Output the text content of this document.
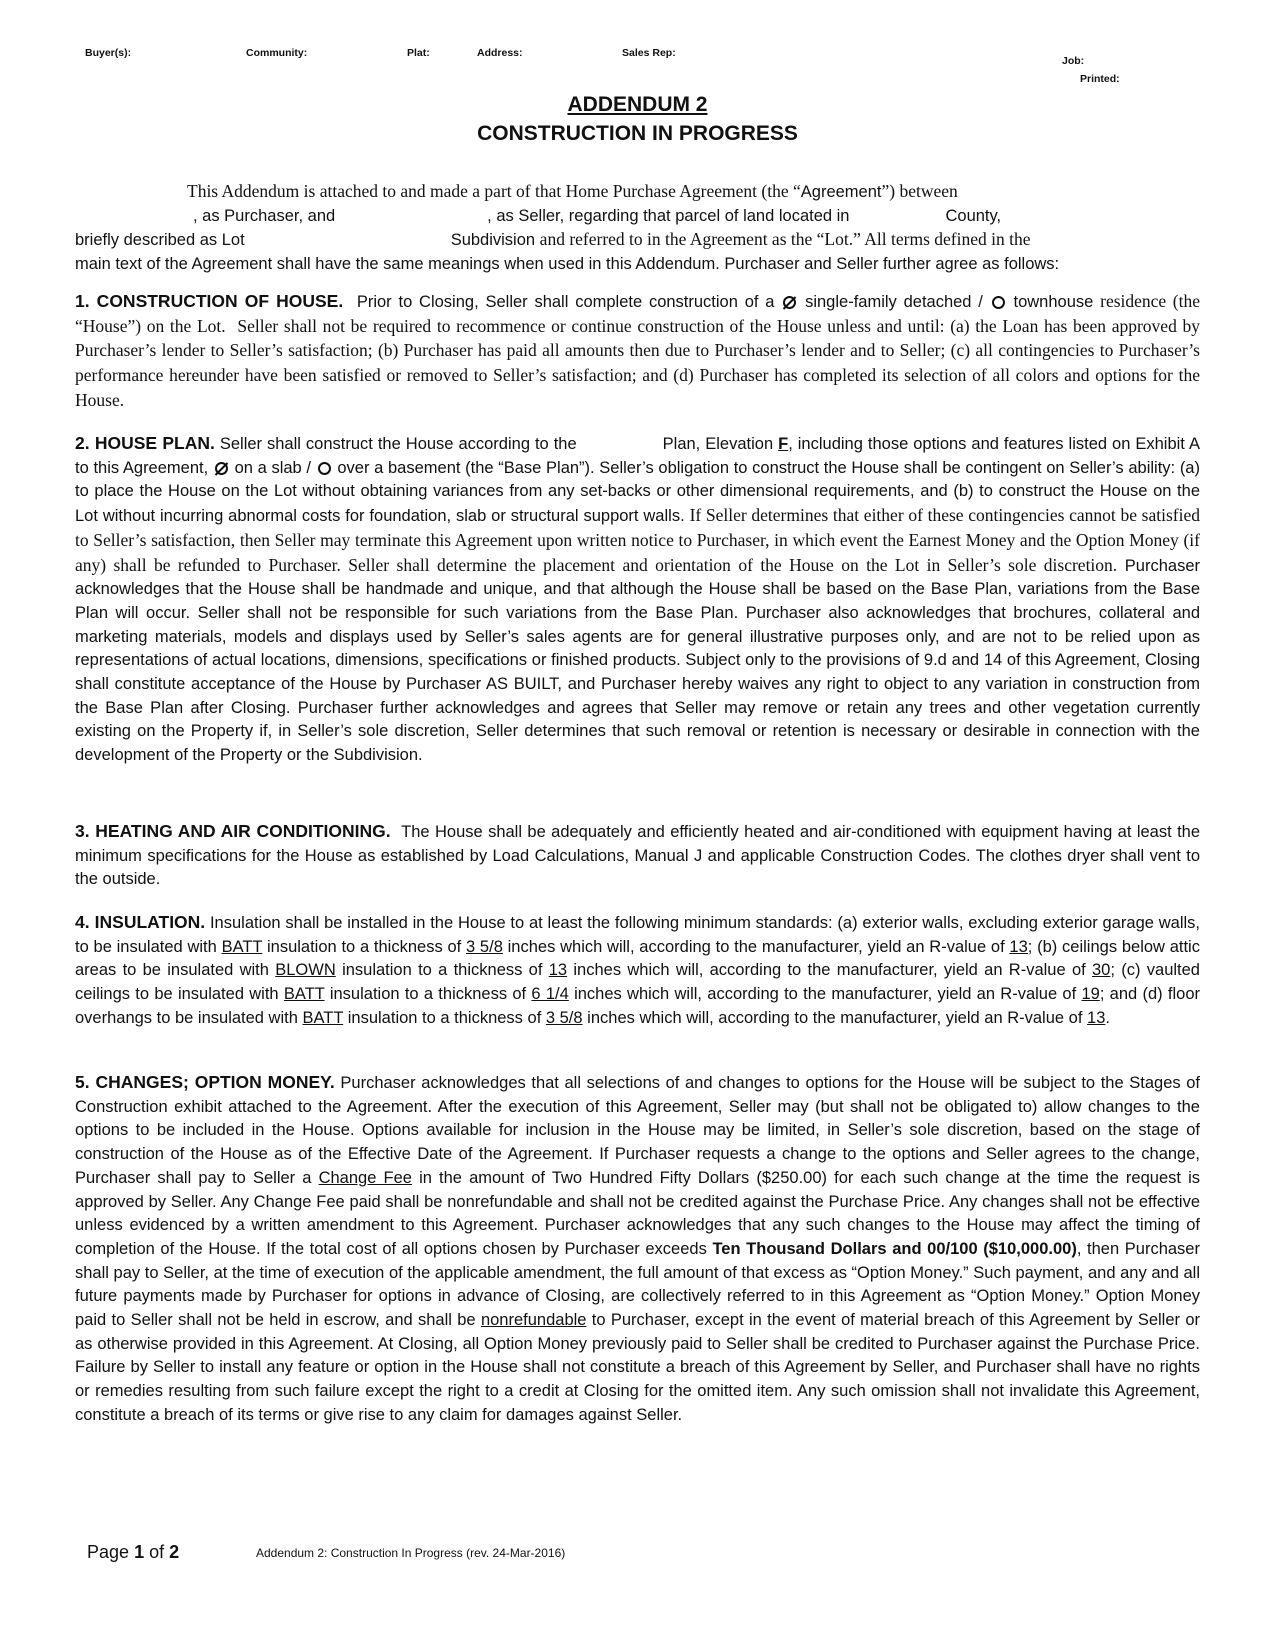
Buyer(s):	Community:	Plat:	Address:	Sales Rep:
Job:
Printed:
ADDENDUM 2
CONSTRUCTION IN PROGRESS
This Addendum is attached to and made a part of that Home Purchase Agreement (the “Agreement”) between
, as Purchaser, and	, as Seller, regarding that parcel of land located in	County,
briefly described as Lot	Subdivision and referred to in the Agreement as the “Lot.” All terms defined in the
main text of the Agreement shall have the same meanings when used in this Addendum. Purchaser and Seller further agree as follows:
1. CONSTRUCTION OF HOUSE. Prior to Closing, Seller shall complete construction of a single-family detached / townhouse residence (the “House”) on the Lot. Seller shall not be required to recommence or continue construction of the House unless and until: (a) the Loan has been approved by Purchaser’s lender to Seller’s satisfaction; (b) Purchaser has paid all amounts then due to Purchaser’s lender and to Seller; (c) all contingencies to Purchaser’s performance hereunder have been satisfied or removed to Seller’s satisfaction; and (d) Purchaser has completed its selection of all colors and options for the House.
2. HOUSE PLAN. Seller shall construct the House according to the	Plan, Elevation F, including those options and features listed on Exhibit A to this Agreement, on a slab / over a basement (the “Base Plan”). Seller’s obligation to construct the House shall be contingent on Seller’s ability: (a) to place the House on the Lot without obtaining variances from any set-backs or other dimensional requirements, and (b) to construct the House on the Lot without incurring abnormal costs for foundation, slab or structural support walls. If Seller determines that either of these contingencies cannot be satisfied to Seller’s satisfaction, then Seller may terminate this Agreement upon written notice to Purchaser, in which event the Earnest Money and the Option Money (if any) shall be refunded to Purchaser. Seller shall determine the placement and orientation of the House on the Lot in Seller’s sole discretion. Purchaser acknowledges that the House shall be handmade and unique, and that although the House shall be based on the Base Plan, variations from the Base Plan will occur. Seller shall not be responsible for such variations from the Base Plan. Purchaser also acknowledges that brochures, collateral and marketing materials, models and displays used by Seller’s sales agents are for general illustrative purposes only, and are not to be relied upon as representations of actual locations, dimensions, specifications or finished products. Subject only to the provisions of 9.d and 14 of this Agreement, Closing shall constitute acceptance of the House by Purchaser AS BUILT, and Purchaser hereby waives any right to object to any variation in construction from the Base Plan after Closing. Purchaser further acknowledges and agrees that Seller may remove or retain any trees and other vegetation currently existing on the Property if, in Seller’s sole discretion, Seller determines that such removal or retention is necessary or desirable in connection with the development of the Property or the Subdivision.
3. HEATING AND AIR CONDITIONING. The House shall be adequately and efficiently heated and air-conditioned with equipment having at least the minimum specifications for the House as established by Load Calculations, Manual J and applicable Construction Codes. The clothes dryer shall vent to the outside.
4. INSULATION. Insulation shall be installed in the House to at least the following minimum standards: (a) exterior walls, excluding exterior garage walls, to be insulated with BATT insulation to a thickness of 3 5/8 inches which will, according to the manufacturer, yield an R-value of 13; (b) ceilings below attic areas to be insulated with BLOWN insulation to a thickness of 13 inches which will, according to the manufacturer, yield an R-value of 30; (c) vaulted ceilings to be insulated with BATT insulation to a thickness of 6 1/4 inches which will, according to the manufacturer, yield an R-value of 19; and (d) floor overhangs to be insulated with BATT insulation to a thickness of 3 5/8 inches which will, according to the manufacturer, yield an R-value of 13.
5. CHANGES; OPTION MONEY. Purchaser acknowledges that all selections of and changes to options for the House will be subject to the Stages of Construction exhibit attached to the Agreement. After the execution of this Agreement, Seller may (but shall not be obligated to) allow changes to the options to be included in the House. Options available for inclusion in the House may be limited, in Seller’s sole discretion, based on the stage of construction of the House as of the Effective Date of the Agreement. If Purchaser requests a change to the options and Seller agrees to the change, Purchaser shall pay to Seller a Change Fee in the amount of Two Hundred Fifty Dollars ($250.00) for each such change at the time the request is approved by Seller. Any Change Fee paid shall be nonrefundable and shall not be credited against the Purchase Price. Any changes shall not be effective unless evidenced by a written amendment to this Agreement. Purchaser acknowledges that any such changes to the House may affect the timing of completion of the House. If the total cost of all options chosen by Purchaser exceeds Ten Thousand Dollars and 00/100 ($10,000.00), then Purchaser shall pay to Seller, at the time of execution of the applicable amendment, the full amount of that excess as “Option Money.” Such payment, and any and all future payments made by Purchaser for options in advance of Closing, are collectively referred to in this Agreement as “Option Money.” Option Money paid to Seller shall not be held in escrow, and shall be nonrefundable to Purchaser, except in the event of material breach of this Agreement by Seller or as otherwise provided in this Agreement. At Closing, all Option Money previously paid to Seller shall be credited to Purchaser against the Purchase Price. Failure by Seller to install any feature or option in the House shall not constitute a breach of this Agreement by Seller, and Purchaser shall have no rights or remedies resulting from such failure except the right to a credit at Closing for the omitted item. Any such omission shall not invalidate this Agreement, constitute a breach of its terms or give rise to any claim for damages against Seller.
Page 1 of 2	Addendum 2: Construction In Progress (rev. 24-Mar-2016)
